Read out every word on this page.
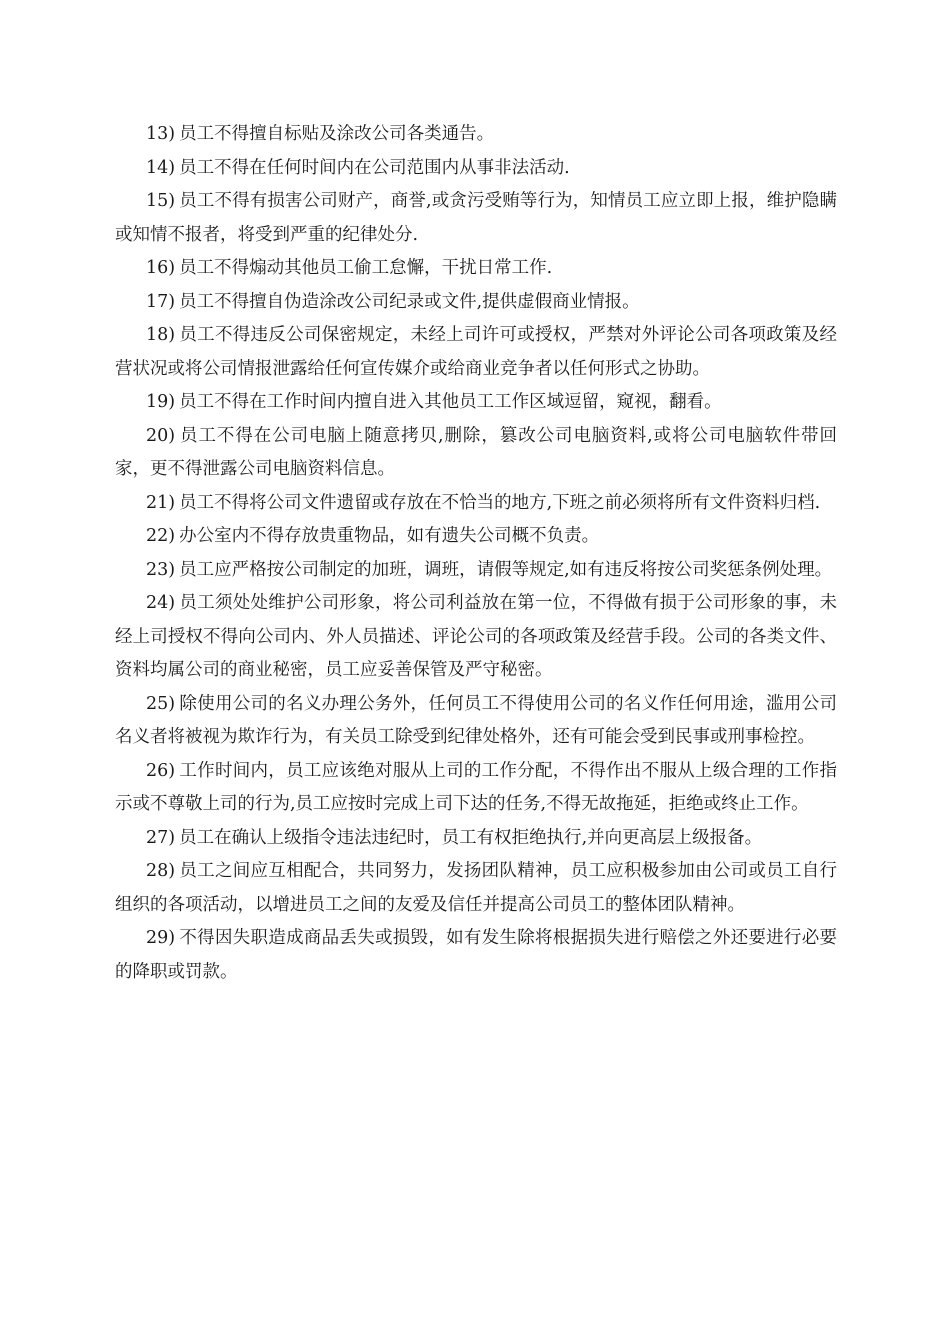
13) 员工不得擅自标贴及涂改公司各类通告。

14) 员工不得在任何时间内在公司范围内从事非法活动.

15) 员工不得有损害公司财产，商誉,或贪污受贿等行为，知情员工应立即上报，维护隐瞒或知情不报者，将受到严重的纪律处分.

16) 员工不得煽动其他员工偷工怠懈，干扰日常工作.

17) 员工不得擅自伪造涂改公司纪录或文件,提供虚假商业情报。

18) 员工不得违反公司保密规定，未经上司许可或授权，严禁对外评论公司各项政策及经营状况或将公司情报泄露给任何宣传媒介或给商业竞争者以任何形式之协助。

19) 员工不得在工作时间内擅自进入其他员工工作区域逗留，窥视，翻看。

20) 员工不得在公司电脑上随意拷贝,删除，篡改公司电脑资料,或将公司电脑软件带回家，更不得泄露公司电脑资料信息。

21) 员工不得将公司文件遗留或存放在不恰当的地方,下班之前必须将所有文件资料归档.

22) 办公室内不得存放贵重物品，如有遗失公司概不负责。

23) 员工应严格按公司制定的加班，调班，请假等规定,如有违反将按公司奖惩条例处理。

24) 员工须处处维护公司形象，将公司利益放在第一位，不得做有损于公司形象的事，未经上司授权不得向公司内、外人员描述、评论公司的各项政策及经营手段。公司的各类文件、资料均属公司的商业秘密，员工应妥善保管及严守秘密。

25) 除使用公司的名义办理公务外，任何员工不得使用公司的名义作任何用途，滥用公司名义者将被视为欺诈行为，有关员工除受到纪律处格外，还有可能会受到民事或刑事检控。

26) 工作时间内，员工应该绝对服从上司的工作分配，不得作出不服从上级合理的工作指示或不尊敬上司的行为,员工应按时完成上司下达的任务,不得无故拖延，拒绝或终止工作。

27) 员工在确认上级指令违法违纪时，员工有权拒绝执行,并向更高层上级报备。

28) 员工之间应互相配合，共同努力，发扬团队精神，员工应积极参加由公司或员工自行组织的各项活动，以增进员工之间的友爱及信任并提高公司员工的整体团队精神。

29) 不得因失职造成商品丢失或损毁，如有发生除将根据损失进行赔偿之外还要进行必要的降职或罚款。
